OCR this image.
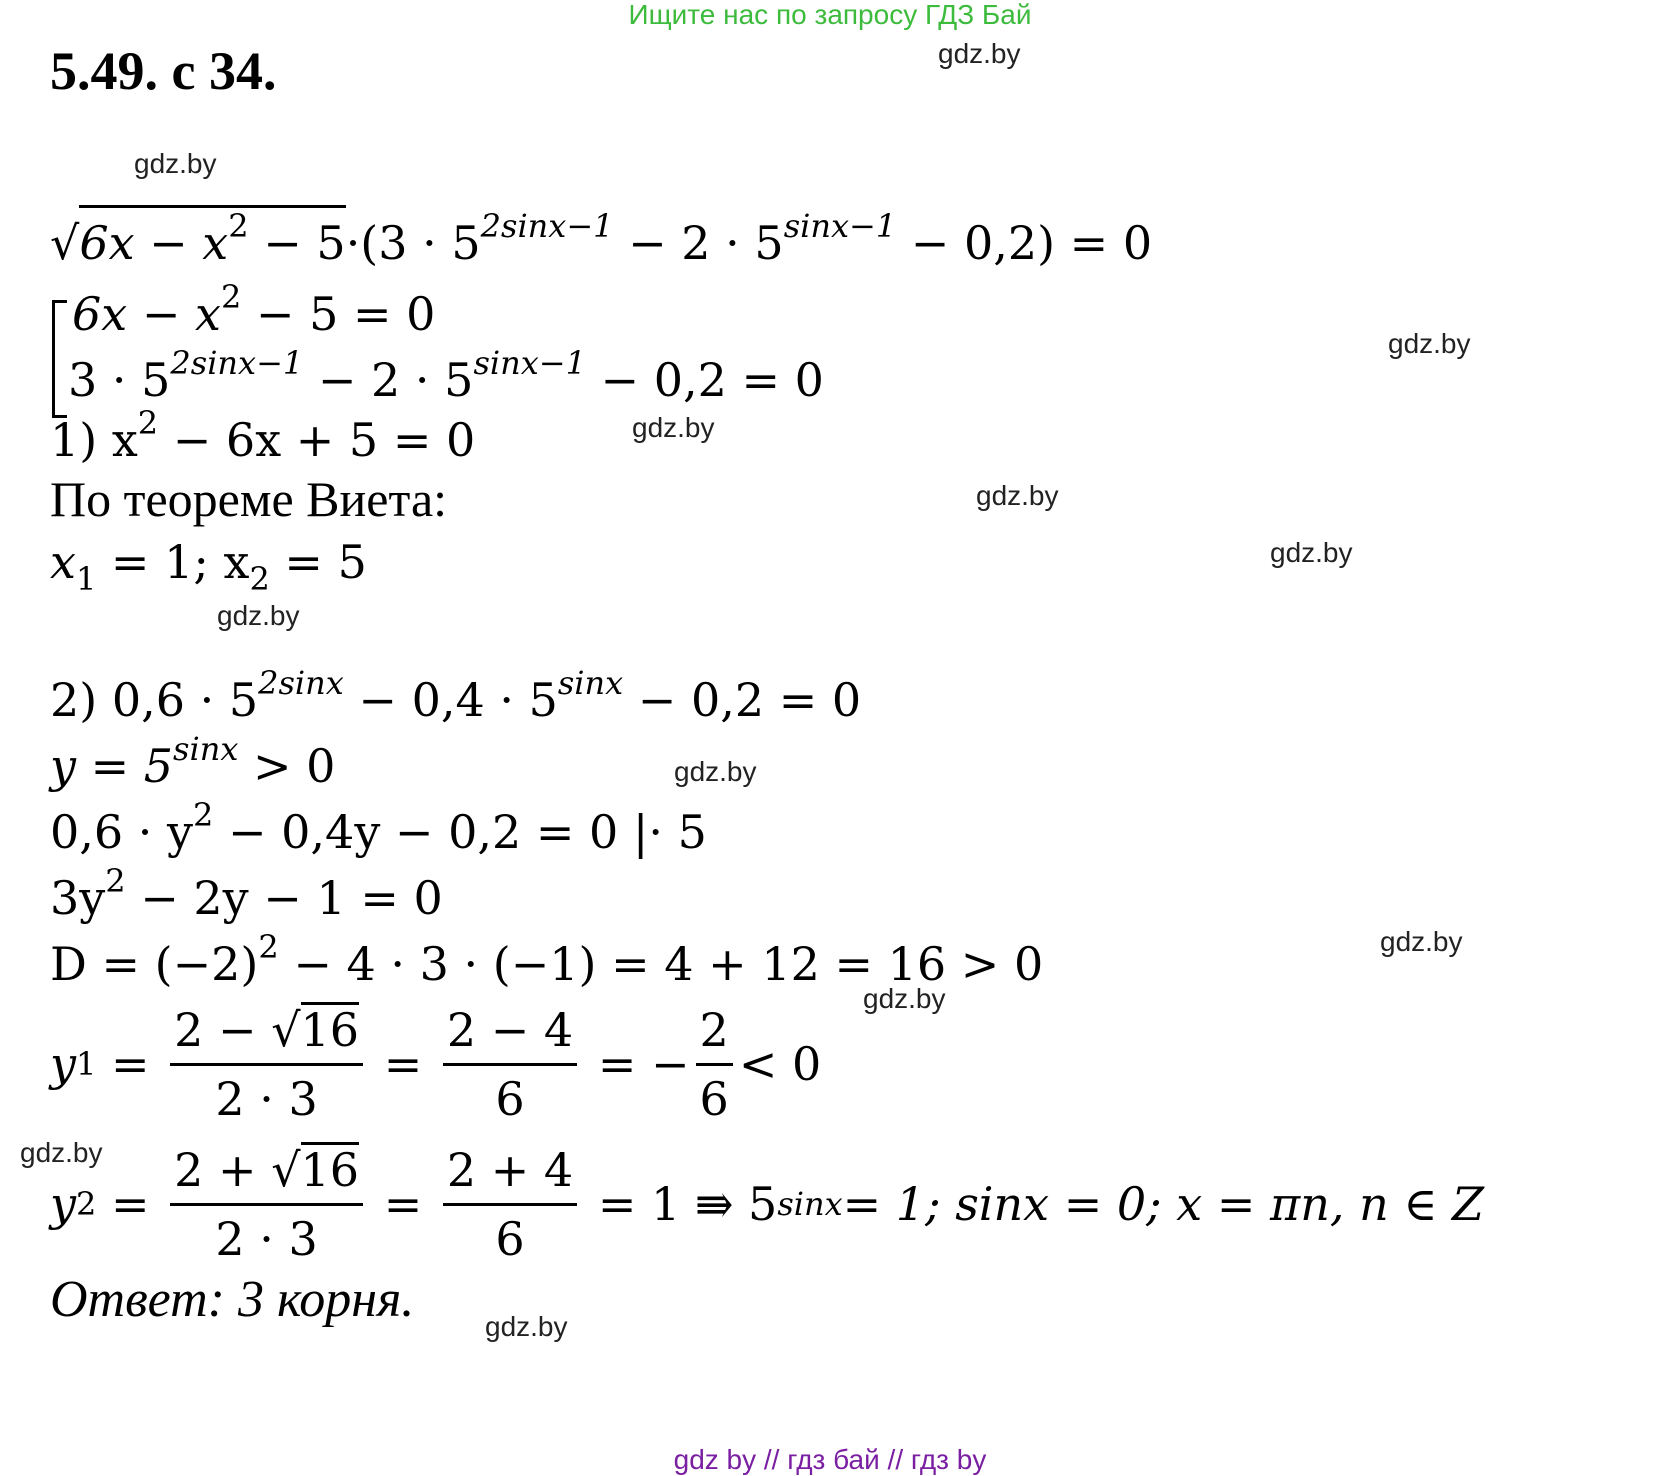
Ищите нас по запросу ГДЗ Бай
5.49. с 34.	gdz.by
gdz.by
gdz.by
gdz.by
gdz.by
gdz.by
gdz.by
gdz.by
gdz.by
gdz.by
gdz.by
gdz.by
$√6x - x^2 - 5\cdot(3 \cdot 5^{2sinx-1} - 2 \cdot 5^{sinx-1} - 0,2) = 0$
$6x - x^2 - 5 = 0$
$3 \cdot 5^{2sinx-1} - 2 \cdot 5^{sinx-1} - 0,2 = 0$
1) $x^2 - 6x + 5 = 0$
По теореме Виета:
$x_1 = 1$; $x_2 = 5$
2) $0,6 \cdot 5^{2sinx} - 0,4 \cdot 5^{sinx} - 0,2 = 0$
$y = 5^{sinx} > 0$
$0,6 \cdot y^2 - 0,4y - 0,2 = 0$ |· 5
$3y^2 - 2y - 1 = 0$
$D = (-2)^2 - 4 \cdot 3 \cdot (-1) = 4 + 12 = 16 > 0$
y $1 = \frac{2 - √16}{2 \cdot 3} = \frac{2 - 4}{6}$ = − $\frac{2}{6} < 0$
y $2 = \frac{2 + √16}{2 \cdot 3} = \frac{2 + 4}{6}$
= 1 ⇛ 5 sinx = 1; sinx = 0; x = πn, n ∈ Z
Ответ: 3 корня.
gdz by // гдз бай // гдз by
